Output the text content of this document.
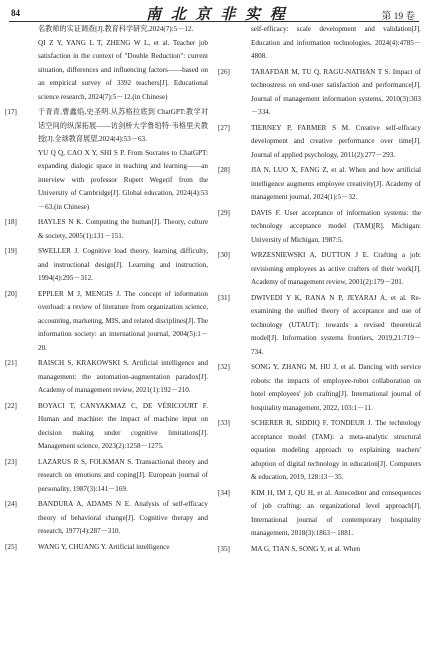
84	南 北 京 非 实 程	第 19 卷

名教师的实证调查[J].教育科学研究,2024(7):5－12.

QI Z Y, YANG L T, ZHENG W L, et al. Teacher job satisfaction in the context of "Double Reduction": current situation, differences and influencing factors——based on an empirical survey of 3392 teachers[J]. Educational science research, 2024(7):5－12.(in Chinese)

[17]	于青青,曹鑫焰,史圣明.从苏格拉底到 ChatGPT:教学对话空间的纵深拓展——访剑桥大学鲁珀特·韦格里夫教授[J].全球教育展望,2024(4):53－63.

YU Q Q, CAO X Y, SHI S P. From Socrates to ChatGPT: expanding dialogic space in teaching and learning——an interview with professor Rupert Wegerif from the University of Cambridge[J]. Global education, 2024(4):53－63.(in Chinese)

[18]	HAYLES N K. Computing the human[J]. Theory, culture & society, 2005(1):131－151.

[19]	SWELLER J. Cognitive load theory, learning difficulty, and instructional design[J]. Learning and instruction, 1994(4):295－312.

[20]	EPPLER M J, MENGIS J. The concept of information overload: a review of literature from organization science, accounting, marketing, MIS, and related disciplines[J]. The information society: an international journal, 2004(5):1－20.

[21]	RAISCH S, KRAKOWSKI S. Artificial intelligence and management: the automation-augmentation paradox[J]. Academy of management review, 2021(1):192－210.

[22]	BOYACI T, CANYAKMAZ C, DE VÉRICOURT F. Human and machine: the impact of machine input on decision making under cognitive limitations[J]. Management science, 2023(2):1258－1275.

[23]	LAZARUS R S, FOLKMAN S. Transactional theory and research on emotions and coping[J]. European journal of personality, 1987(3):141－169.

[24]	BANDURA A, ADAMS N E. Analysis of self-efficacy theory of behavioral change[J]. Cognitive therapy and research, 1977(4):287－310.

[25]	WANG Y, CHUANG Y. Artificial intelligence

self-efficacy: scale development and validation[J]. Education and information technologies, 2024(4):4785－4808.

[26]	TARAFDAR M, TU Q, RAGU-NATHAN T S. Impact of technostress on end-user satisfaction and performance[J]. Journal of management information systems, 2010(3):303－334.

[27]	TIERNEY P, FARMER S M. Creative self-efficacy development and creative performance over time[J]. Journal of applied psychology, 2011(2):277－293.

[28]	JIA N, LUO X, FANG Z, et al. When and how artificial intelligence augments employee creativity[J]. Academy of management journal, 2024(1):5－32.

[29]	DAVIS F. User acceptance of information systems: the technology acceptance model (TAM)[R]. Michigan: University of Michigan, 1987:5.

[30]	WRZESNIEWSKI A, DUTTON J E. Crafting a job: revisioning employees as active crafters of their work[J]. Academy of management review, 2001(2):179－201.

[31]	DWIVEDI Y K, RANA N P, JEYARAJ A, et al. Re-examining the unified theory of acceptance and use of technology (UTAUT): towards a revised theoretical model[J]. Information systems frontiers, 2019,21:719－734.

[32]	SONG Y, ZHANG M, HU J, et al. Dancing with service robots: the impacts of employee-robot collaboration on hotel employees' job crafting[J]. International journal of hospitality management, 2022, 103:1－11.

[33]	SCHERER R, SIDDIQ F, TONDEUR J. The technology acceptance model (TAM): a meta-analytic structural equation modeling approach to explaining teachers' adoption of digital technology in education[J]. Computers & education, 2019, 128:13－35.

[34]	KIM H, IM J, QU H, et al. Antecedent and consequences of job crafting: an organizational level approach[J]. International journal of contemporary hospitality management, 2018(3):1863－1881.

[35]	MA G, TIAN S, SONG Y, et al. When
